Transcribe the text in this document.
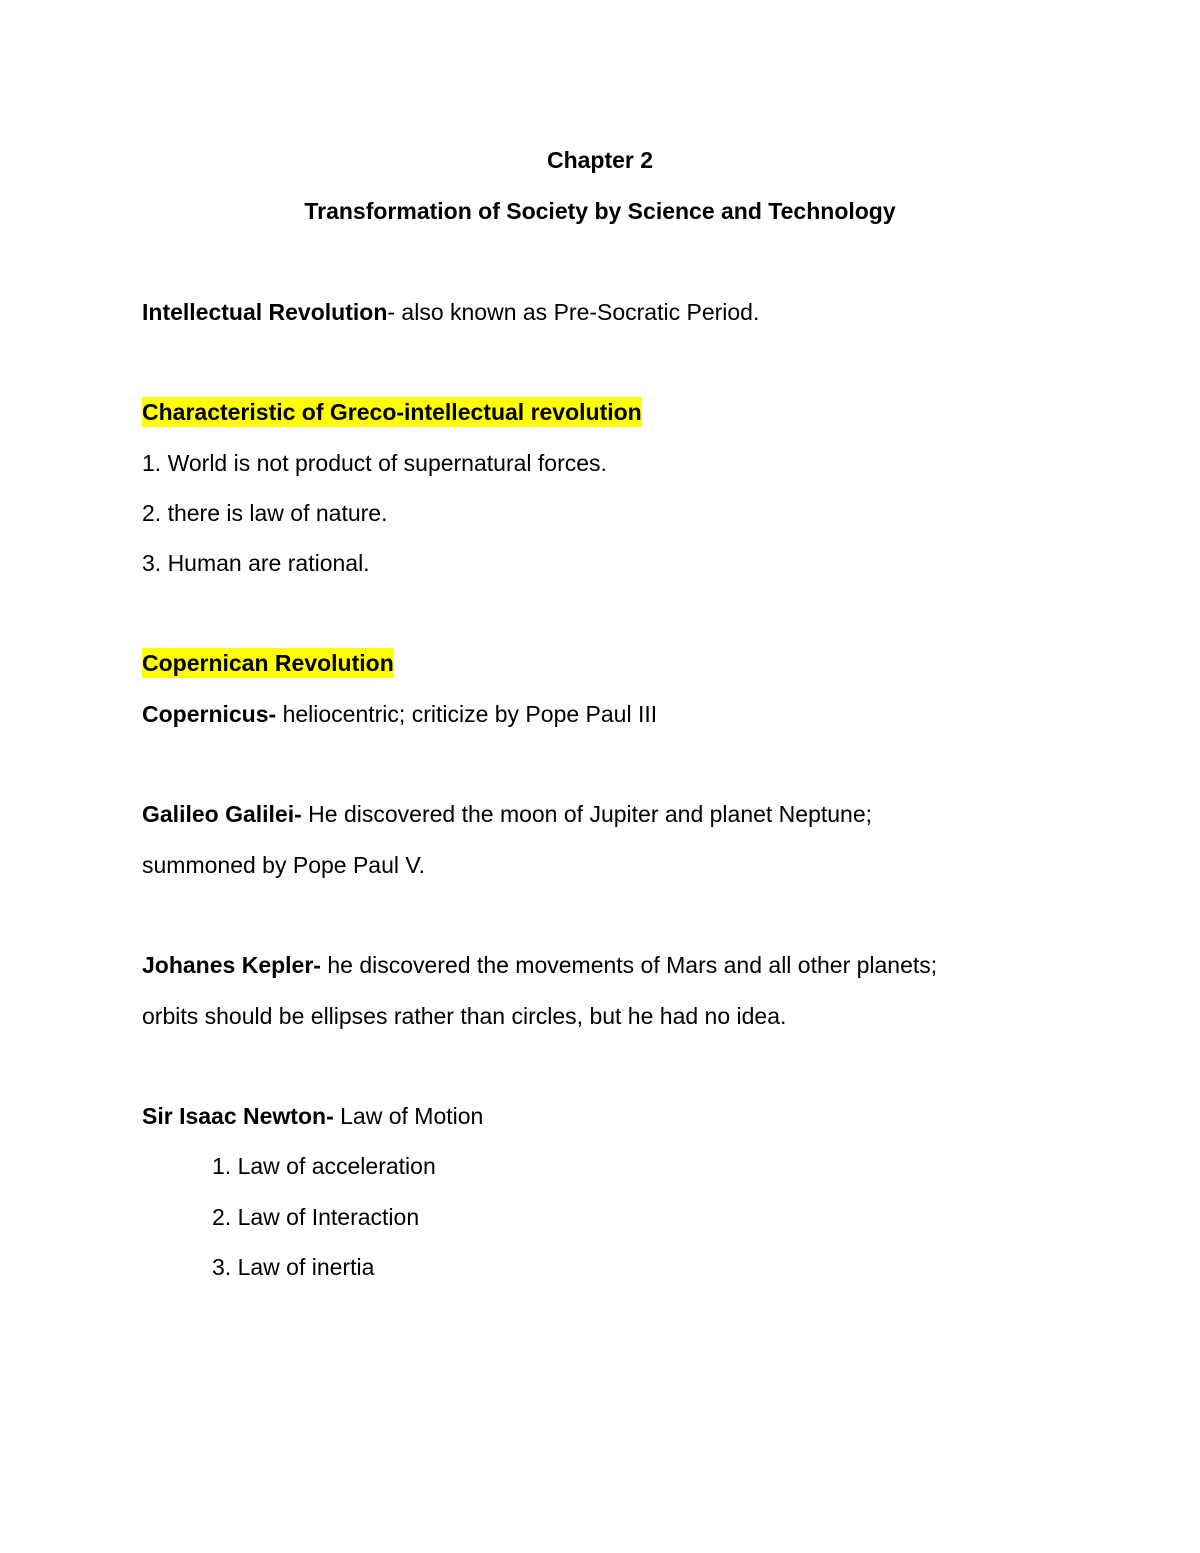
Chapter 2
Transformation of Society by Science and Technology
Intellectual Revolution- also known as Pre-Socratic Period.
Characteristic of Greco-intellectual revolution
1. World is not product of supernatural forces.
2. there is law of nature.
3. Human are rational.
Copernican Revolution
Copernicus- heliocentric; criticize by Pope Paul III
Galileo Galilei- He discovered the moon of Jupiter and planet Neptune;
summoned by Pope Paul V.
Johanes Kepler- he discovered the movements of Mars and all other planets;
orbits should be ellipses rather than circles, but he had no idea.
Sir Isaac Newton- Law of Motion
1. Law of acceleration
2. Law of Interaction
3. Law of inertia
